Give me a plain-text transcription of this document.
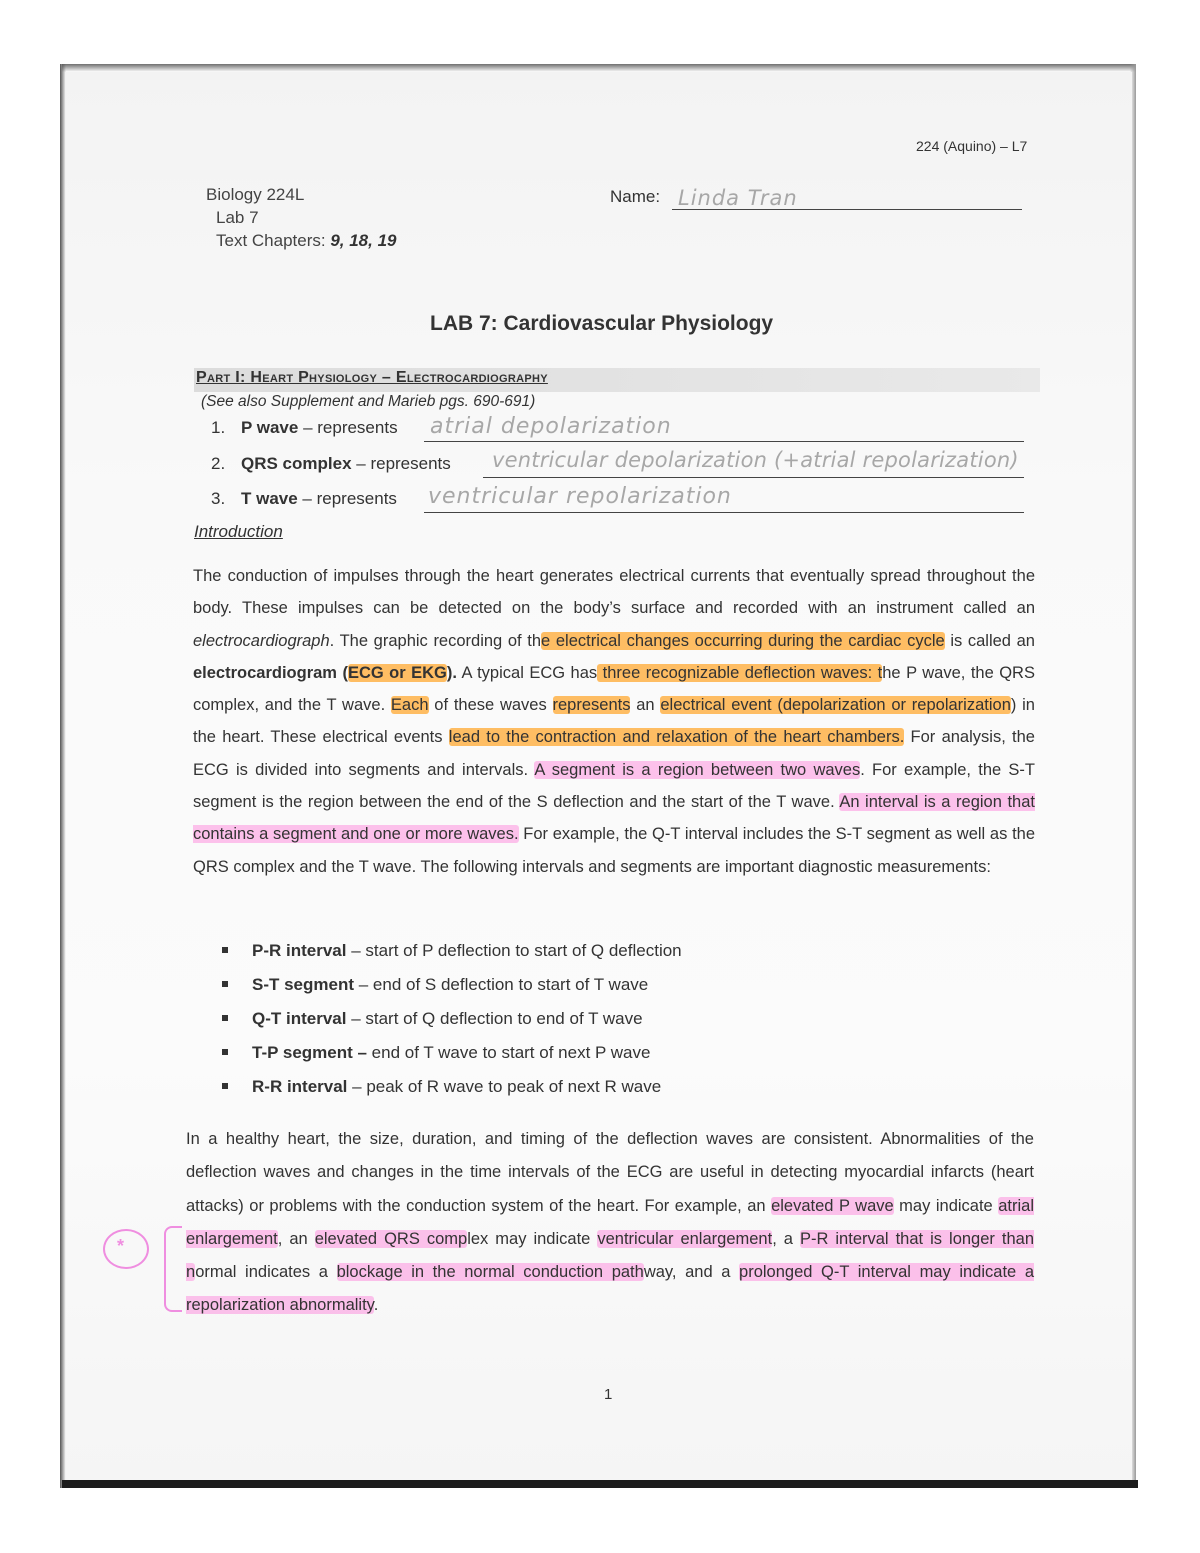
224 (Aquino) – L7
Biology 224L
Lab 7
Text Chapters: 9, 18, 19
Name: Linda Tran
LAB 7: Cardiovascular Physiology
Part I: Heart Physiology – Electrocardiography
(See also Supplement and Marieb pgs. 690-691)
1. P wave – represents atrial depolarization
2. QRS complex – represents ventricular depolarization (+atrial repolarization)
3. T wave – represents ventricular repolarization
Introduction
The conduction of impulses through the heart generates electrical currents that eventually spread throughout the body. These impulses can be detected on the body’s surface and recorded with an instrument called an electrocardiograph. The graphic recording of the electrical changes occurring during the cardiac cycle is called an electrocardiogram (ECG or EKG). A typical ECG has three recognizable deflection waves: the P wave, the QRS complex, and the T wave. Each of these waves represents an electrical event (depolarization or repolarization) in the heart. These electrical events lead to the contraction and relaxation of the heart chambers. For analysis, the ECG is divided into segments and intervals. A segment is a region between two waves. For example, the S-T segment is the region between the end of the S deflection and the start of the T wave. An interval is a region that contains a segment and one or more waves. For example, the Q-T interval includes the S-T segment as well as the QRS complex and the T wave. The following intervals and segments are important diagnostic measurements:
P-R interval – start of P deflection to start of Q deflection
S-T segment – end of S deflection to start of T wave
Q-T interval – start of Q deflection to end of T wave
T-P segment – end of T wave to start of next P wave
R-R interval – peak of R wave to peak of next R wave
In a healthy heart, the size, duration, and timing of the deflection waves are consistent. Abnormalities of the deflection waves and changes in the time intervals of the ECG are useful in detecting myocardial infarcts (heart attacks) or problems with the conduction system of the heart. For example, an elevated P wave may indicate atrial enlargement, an elevated QRS complex may indicate ventricular enlargement, a P-R interval that is longer than normal indicates a blockage in the normal conduction pathway, and a prolonged Q-T interval may indicate a repolarization abnormality.
*
1
